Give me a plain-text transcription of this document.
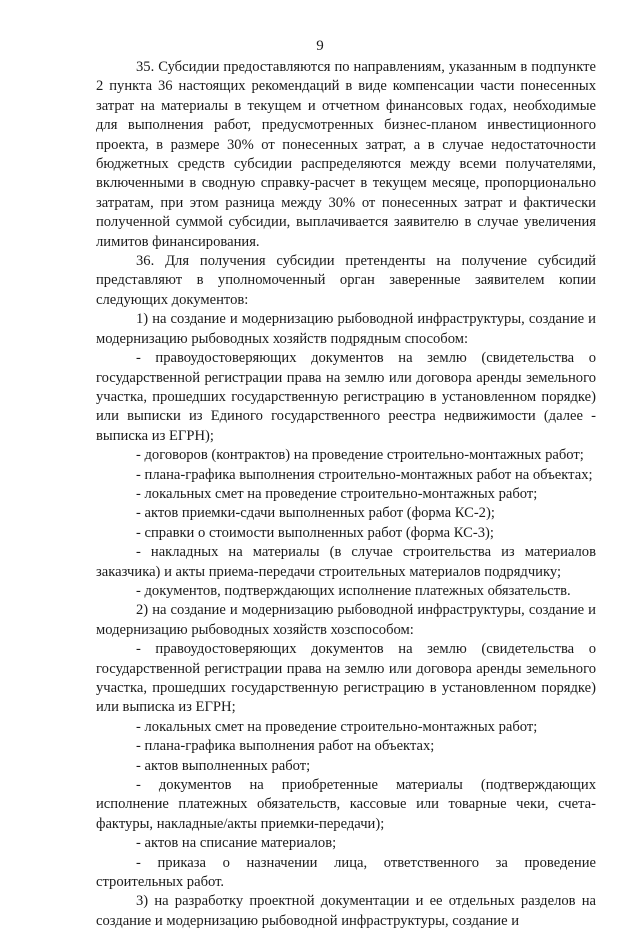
9

35. Субсидии предоставляются по направлениям, указанным в подпункте 2 пункта 36 настоящих рекомендаций в виде компенсации части понесенных затрат на материалы в текущем и отчетном финансовых годах, необходимые для выполнения работ, предусмотренных бизнес-планом инвестиционного проекта, в размере 30% от понесенных затрат, а в случае недостаточности бюджетных средств субсидии распределяются между всеми получателями, включенными в сводную справку-расчет в текущем месяце, пропорционально затратам, при этом разница между 30% от понесенных затрат и фактически полученной суммой субсидии, выплачивается заявителю в случае увеличения лимитов финансирования.

36. Для получения субсидии претенденты на получение субсидий представляют в уполномоченный орган заверенные заявителем копии следующих документов:

1) на создание и модернизацию рыбоводной инфраструктуры, создание и модернизацию рыбоводных хозяйств подрядным способом:

- правоудостоверяющих документов на землю (свидетельства о государственной регистрации права на землю или договора аренды земельного участка, прошедших государственную регистрацию в установленном порядке) или выписки из Единого государственного реестра недвижимости (далее - выписка из ЕГРН);

- договоров (контрактов) на проведение строительно-монтажных работ;

- плана-графика выполнения строительно-монтажных работ на объектах;

- локальных смет на проведение строительно-монтажных работ;

- актов приемки-сдачи выполненных работ (форма КС-2);

- справки о стоимости выполненных работ (форма КС-3);

- накладных на материалы (в случае строительства из материалов заказчика) и акты приема-передачи строительных материалов подрядчику;

- документов, подтверждающих исполнение платежных обязательств.

2) на создание и модернизацию рыбоводной инфраструктуры, создание и модернизацию рыбоводных хозяйств хозспособом:

- правоудостоверяющих документов на землю (свидетельства о государственной регистрации права на землю или договора аренды земельного участка, прошедших государственную регистрацию в установленном порядке) или выписка из ЕГРН;

- локальных смет на проведение строительно-монтажных работ;

- плана-графика выполнения работ на объектах;

- актов выполненных работ;

- документов на приобретенные материалы (подтверждающих исполнение платежных обязательств, кассовые или товарные чеки, счета-фактуры, накладные/акты приемки-передачи);

- актов на списание материалов;

- приказа о назначении лица, ответственного за проведение строительных работ.

3) на разработку проектной документации и ее отдельных разделов на создание и модернизацию рыбоводной инфраструктуры, создание и
